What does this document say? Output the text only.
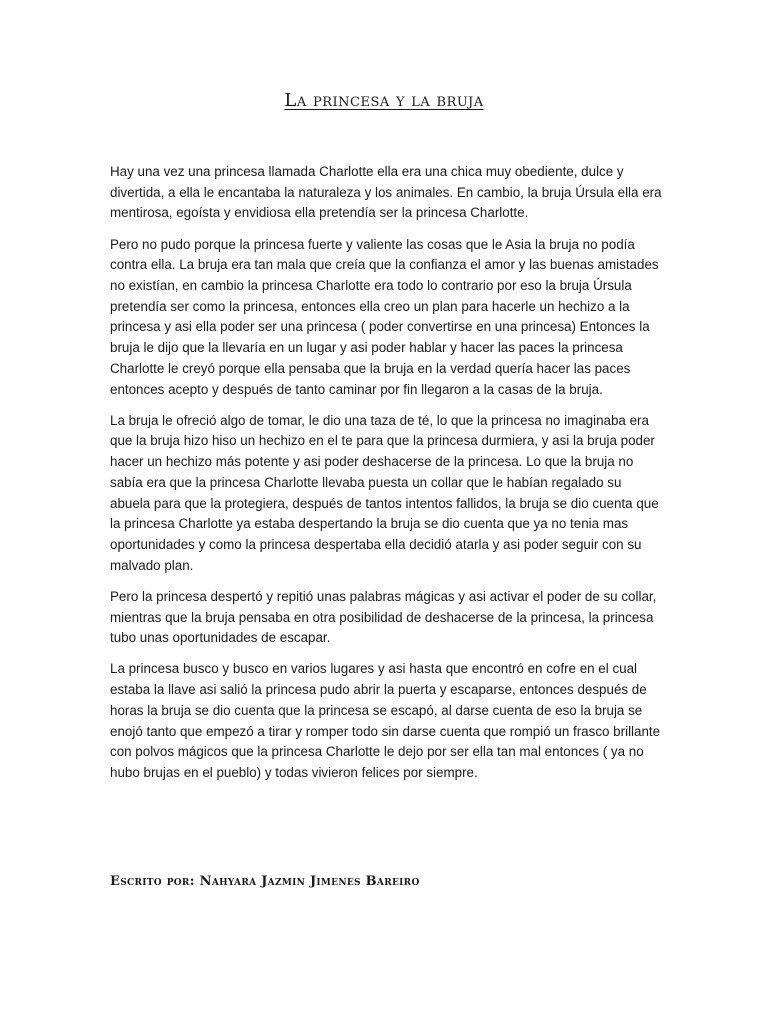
La princesa y la bruja

Hay una vez una princesa llamada Charlotte ella era una chica muy obediente, dulce y divertida, a ella le encantaba la naturaleza y los animales. En cambio, la bruja Úrsula ella era mentirosa, egoísta y envidiosa ella pretendía ser la princesa Charlotte.

Pero no pudo porque la princesa fuerte y valiente las cosas que le Asia la bruja no podía contra ella. La bruja era tan mala que creía que la confianza el amor y las buenas amistades no existían, en cambio la princesa Charlotte era todo lo contrario por eso la bruja Úrsula pretendía ser como la princesa, entonces ella creo un plan para hacerle un hechizo a la princesa y asi ella poder ser una princesa ( poder convertirse en una princesa) Entonces la bruja le dijo que la llevaría en un lugar y asi poder hablar y hacer las paces la princesa Charlotte le creyó porque ella pensaba que la bruja en la verdad quería hacer las paces entonces acepto y después de tanto caminar por fin llegaron a la casas de la bruja.

La bruja le ofreció algo de tomar, le dio una taza de té, lo que la princesa no imaginaba era que la bruja hizo hiso un hechizo en el te para que la princesa durmiera, y asi la bruja poder hacer un hechizo más potente y asi poder deshacerse de la princesa. Lo que la bruja no sabía era que la princesa Charlotte llevaba puesta un collar que le habían regalado su abuela para que la protegiera, después de tantos intentos fallidos, la bruja se dio cuenta que la princesa Charlotte ya estaba despertando la bruja se dio cuenta que ya no tenia mas oportunidades y como la princesa despertaba ella decidió atarla y asi poder seguir con su malvado plan.

Pero la princesa despertó y repitió unas palabras mágicas y asi activar el poder de su collar, mientras que la bruja pensaba en otra posibilidad de deshacerse de la princesa, la princesa tubo unas oportunidades de escapar.

La princesa busco y busco en varios lugares y asi hasta que encontró en cofre en el cual estaba la llave asi salió la princesa pudo abrir la puerta y escaparse, entonces después de horas la bruja se dio cuenta que la princesa se escapó, al darse cuenta de eso la bruja se enojó tanto que empezó a tirar y romper todo sin darse cuenta que rompió un frasco brillante con polvos mágicos que la princesa Charlotte le dejo por ser ella tan mal entonces ( ya no hubo brujas en el pueblo) y todas vivieron felices por siempre.

Escrito por: Nahyara Jazmin Jimenes Bareiro
